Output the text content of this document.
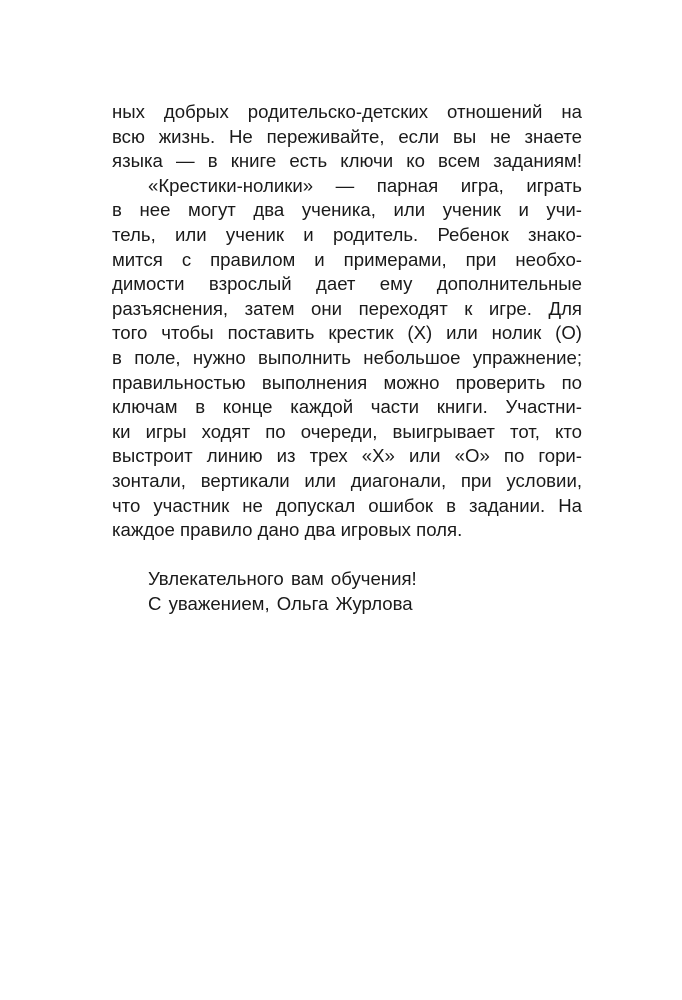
ных добрых родительско-детских отношений на
всю жизнь. Не переживайте, если вы не знаете
языка — в книге есть ключи ко всем заданиям!
«Крестики-нолики» — парная игра, играть
в нее могут два ученика, или ученик и учи-
тель, или ученик и родитель. Ребенок знако-
мится с правилом и примерами, при необхо-
димости взрослый дает ему дополнительные
разъяснения, затем они переходят к игре. Для
того чтобы поставить крестик (X) или нолик (O)
в поле, нужно выполнить небольшое упражнение;
правильностью выполнения можно проверить по
ключам в конце каждой части книги. Участни-
ки игры ходят по очереди, выигрывает тот, кто
выстроит линию из трех «X» или «O» по гори-
зонтали, вертикали или диагонали, при условии,
что участник не допускал ошибок в задании. На
каждое правило дано два игровых поля.
Увлекательного вам обучения!
С уважением, Ольга Журлова
